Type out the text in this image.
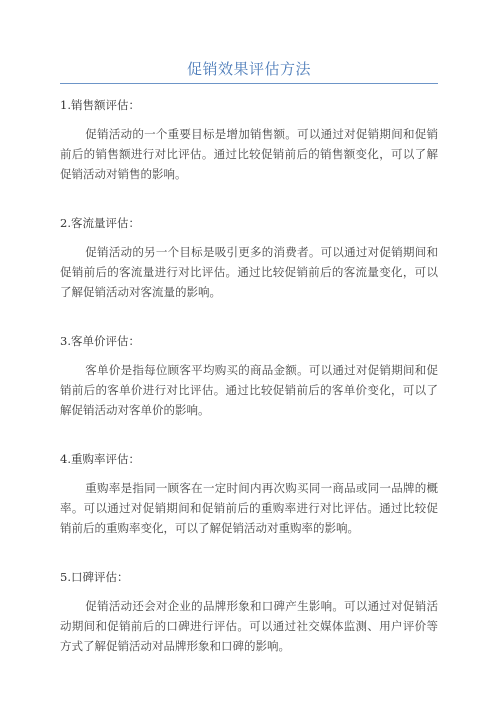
促销效果评估方法

1.销售额评估：

促销活动的一个重要目标是增加销售额。可以通过对促销期间和促销前后的销售额进行对比评估。通过比较促销前后的销售额变化，可以了解促销活动对销售的影响。

2.客流量评估：

促销活动的另一个目标是吸引更多的消费者。可以通过对促销期间和促销前后的客流量进行对比评估。通过比较促销前后的客流量变化，可以了解促销活动对客流量的影响。

3.客单价评估：

客单价是指每位顾客平均购买的商品金额。可以通过对促销期间和促销前后的客单价进行对比评估。通过比较促销前后的客单价变化，可以了解促销活动对客单价的影响。

4.重购率评估：

重购率是指同一顾客在一定时间内再次购买同一商品或同一品牌的概率。可以通过对促销期间和促销前后的重购率进行对比评估。通过比较促销前后的重购率变化，可以了解促销活动对重购率的影响。

5.口碑评估：

促销活动还会对企业的品牌形象和口碑产生影响。可以通过对促销活动期间和促销前后的口碑进行评估。可以通过社交媒体监测、用户评价等方式了解促销活动对品牌形象和口碑的影响。
